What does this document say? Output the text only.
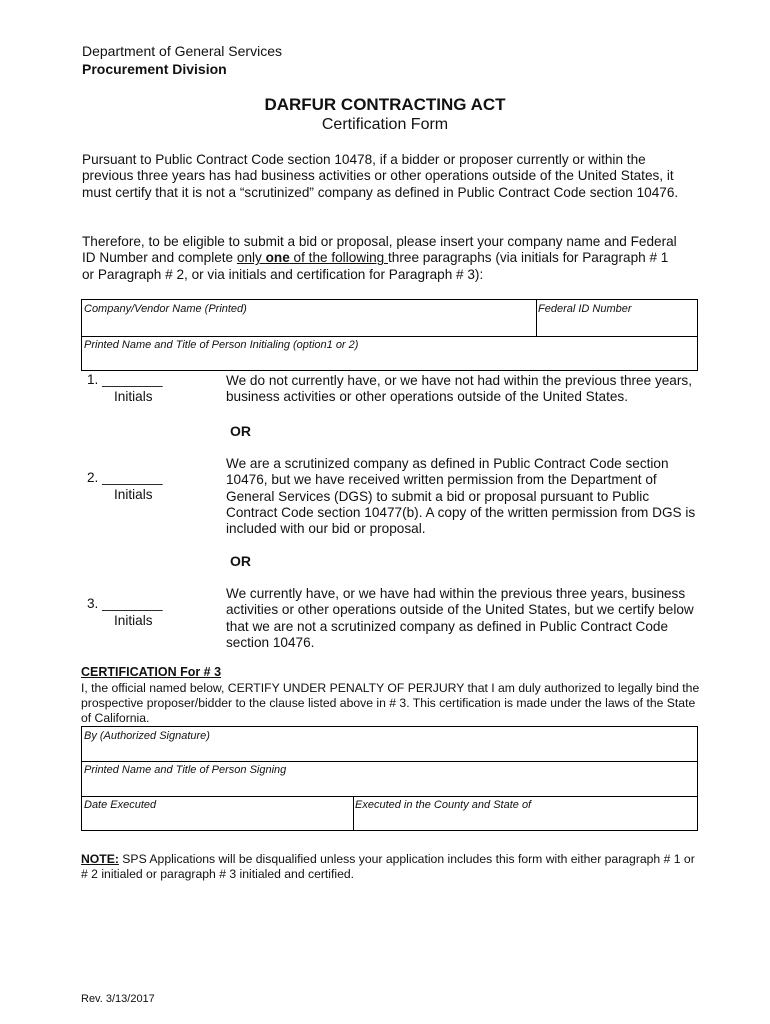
Department of General Services
Procurement Division
DARFUR CONTRACTING ACT
Certification Form
Pursuant to Public Contract Code section 10478, if a bidder or proposer currently or within the previous three years has had business activities or other operations outside of the United States, it must certify that it is not a “scrutinized” company as defined in Public Contract Code section 10476.
Therefore, to be eligible to submit a bid or proposal, please insert your company name and Federal ID Number and complete only one of the following three paragraphs (via initials for Paragraph # 1 or Paragraph # 2, or via initials and certification for Paragraph # 3):
Company/Vendor Name (Printed)	Federal ID Number
Printed Name and Title of Person Initialing (option1 or 2)
1. ________
Initials
We do not currently have, or we have not had within the previous three years, business activities or other operations outside of the United States.
OR
2. ________
Initials
We are a scrutinized company as defined in Public Contract Code section 10476, but we have received written permission from the Department of General Services (DGS) to submit a bid or proposal pursuant to Public Contract Code section 10477(b). A copy of the written permission from DGS is included with our bid or proposal.
OR
3. ________
Initials
We currently have, or we have had within the previous three years, business activities or other operations outside of the United States, but we certify below that we are not a scrutinized company as defined in Public Contract Code section 10476.
CERTIFICATION For # 3
I, the official named below, CERTIFY UNDER PENALTY OF PERJURY that I am duly authorized to legally bind the prospective proposer/bidder to the clause listed above in # 3. This certification is made under the laws of the State of California.
By (Authorized Signature)
Printed Name and Title of Person Signing
Date Executed	Executed in the County and State of
NOTE: SPS Applications will be disqualified unless your application includes this form with either paragraph # 1 or # 2 initialed or paragraph # 3 initialed and certified.
Rev. 3/13/2017
